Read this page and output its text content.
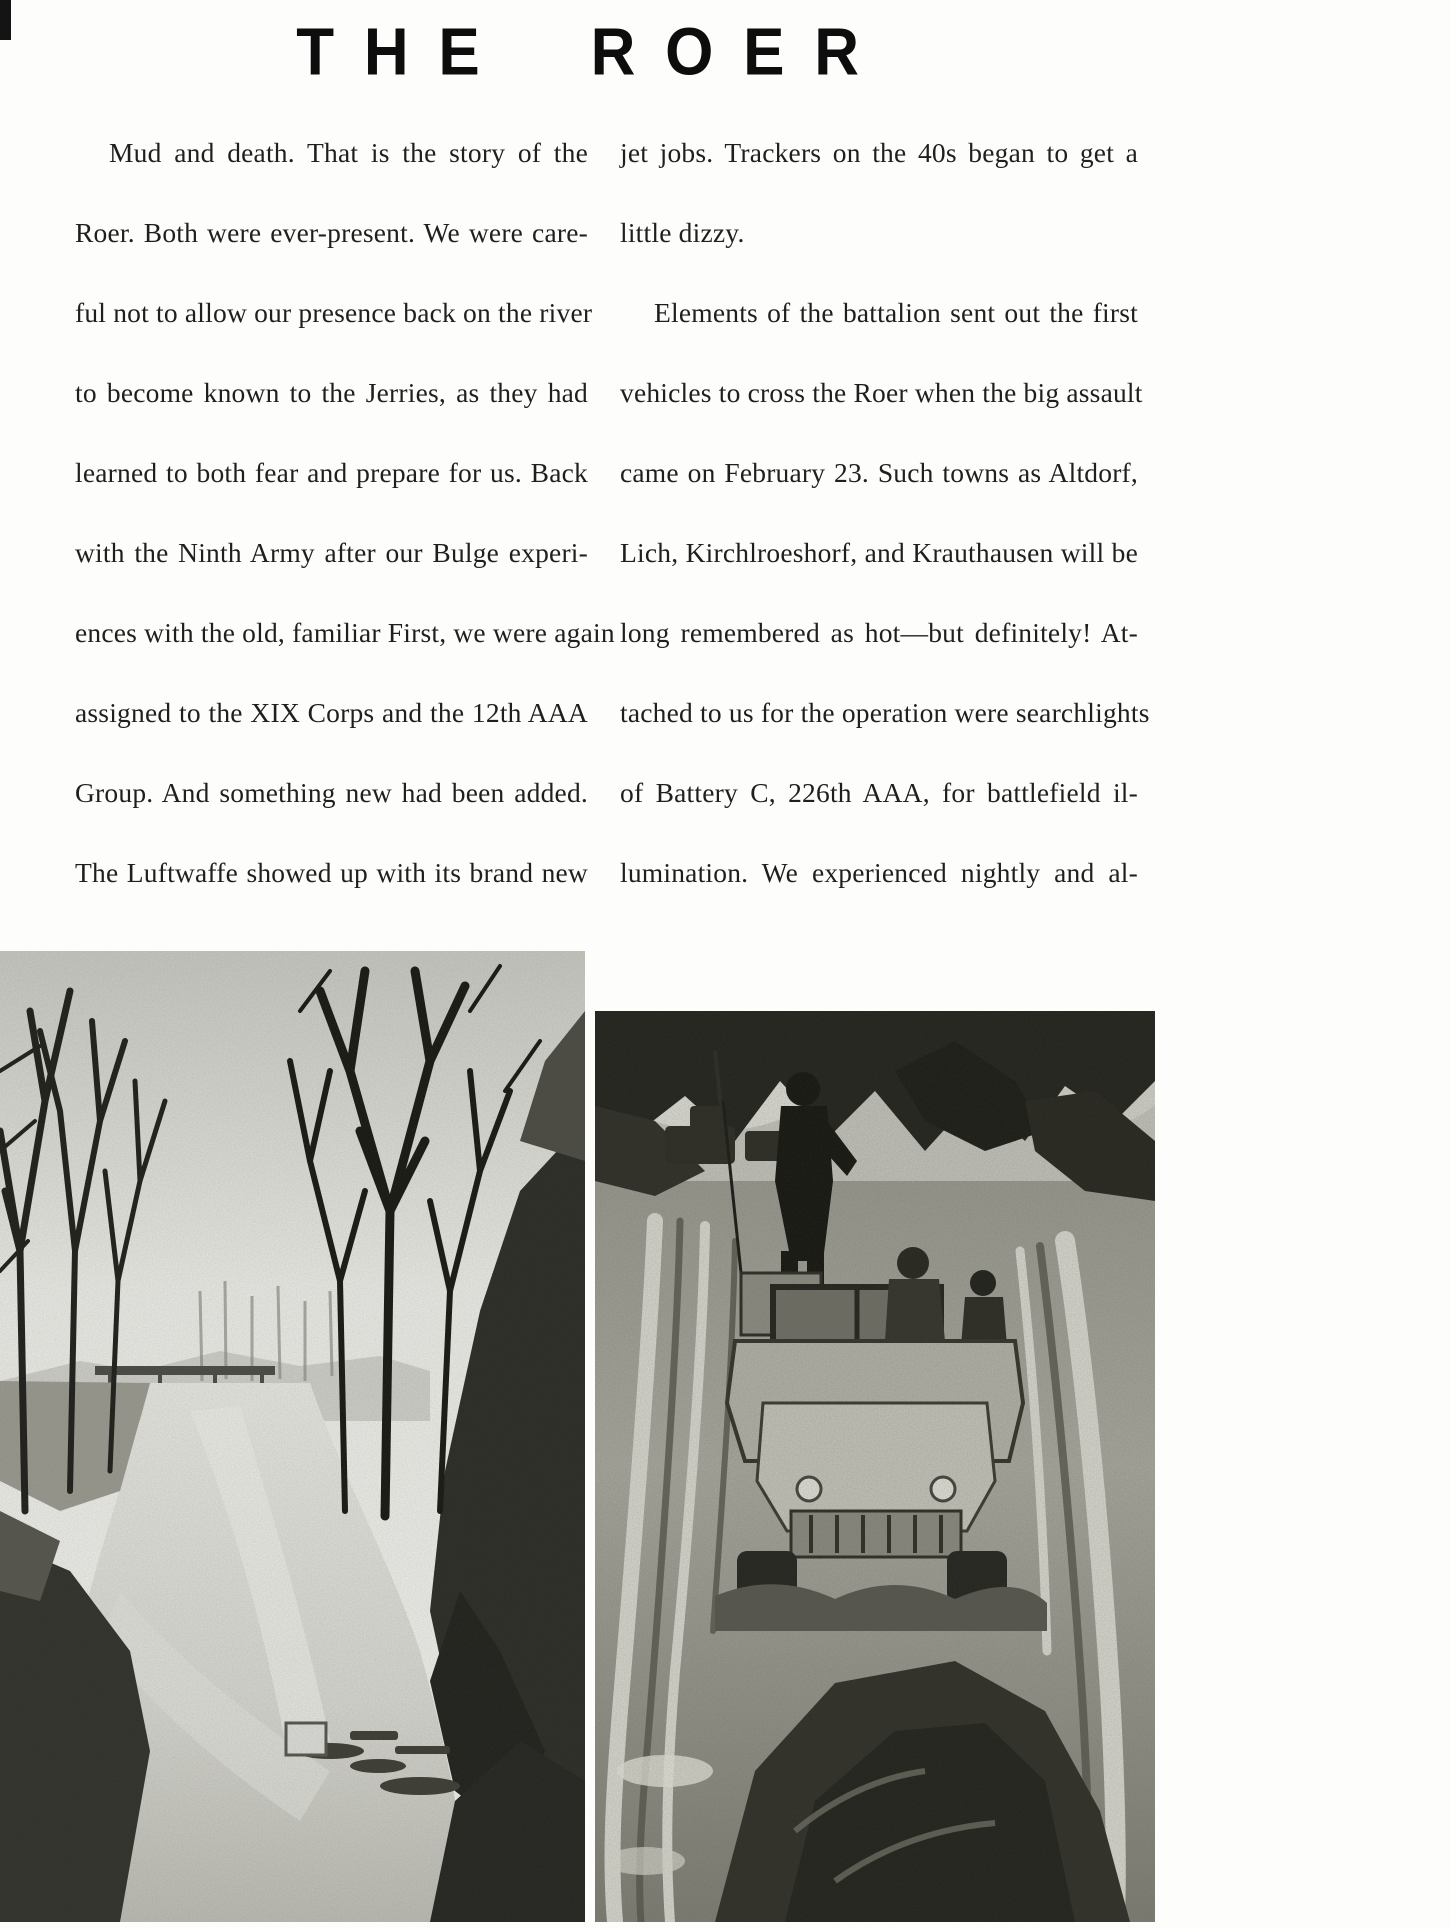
THE ROER
Mud and death. That is the story of the
Roer. Both were ever-present. We were care-
ful not to allow our presence back on the river
to become known to the Jerries, as they had
learned to both fear and prepare for us. Back
with the Ninth Army after our Bulge experi-
ences with the old, familiar First, we were again
assigned to the XIX Corps and the 12th AAA
Group. And something new had been added.
The Luftwaffe showed up with its brand new
jet jobs. Trackers on the 40s began to get a
little dizzy.
Elements of the battalion sent out the first
vehicles to cross the Roer when the big assault
came on February 23. Such towns as Altdorf,
Lich, Kirchlroeshorf, and Krauthausen will be
long remembered as hot—but definitely! At-
tached to us for the operation were searchlights
of Battery C, 226th AAA, for battlefield il-
lumination. We experienced nightly and al-
